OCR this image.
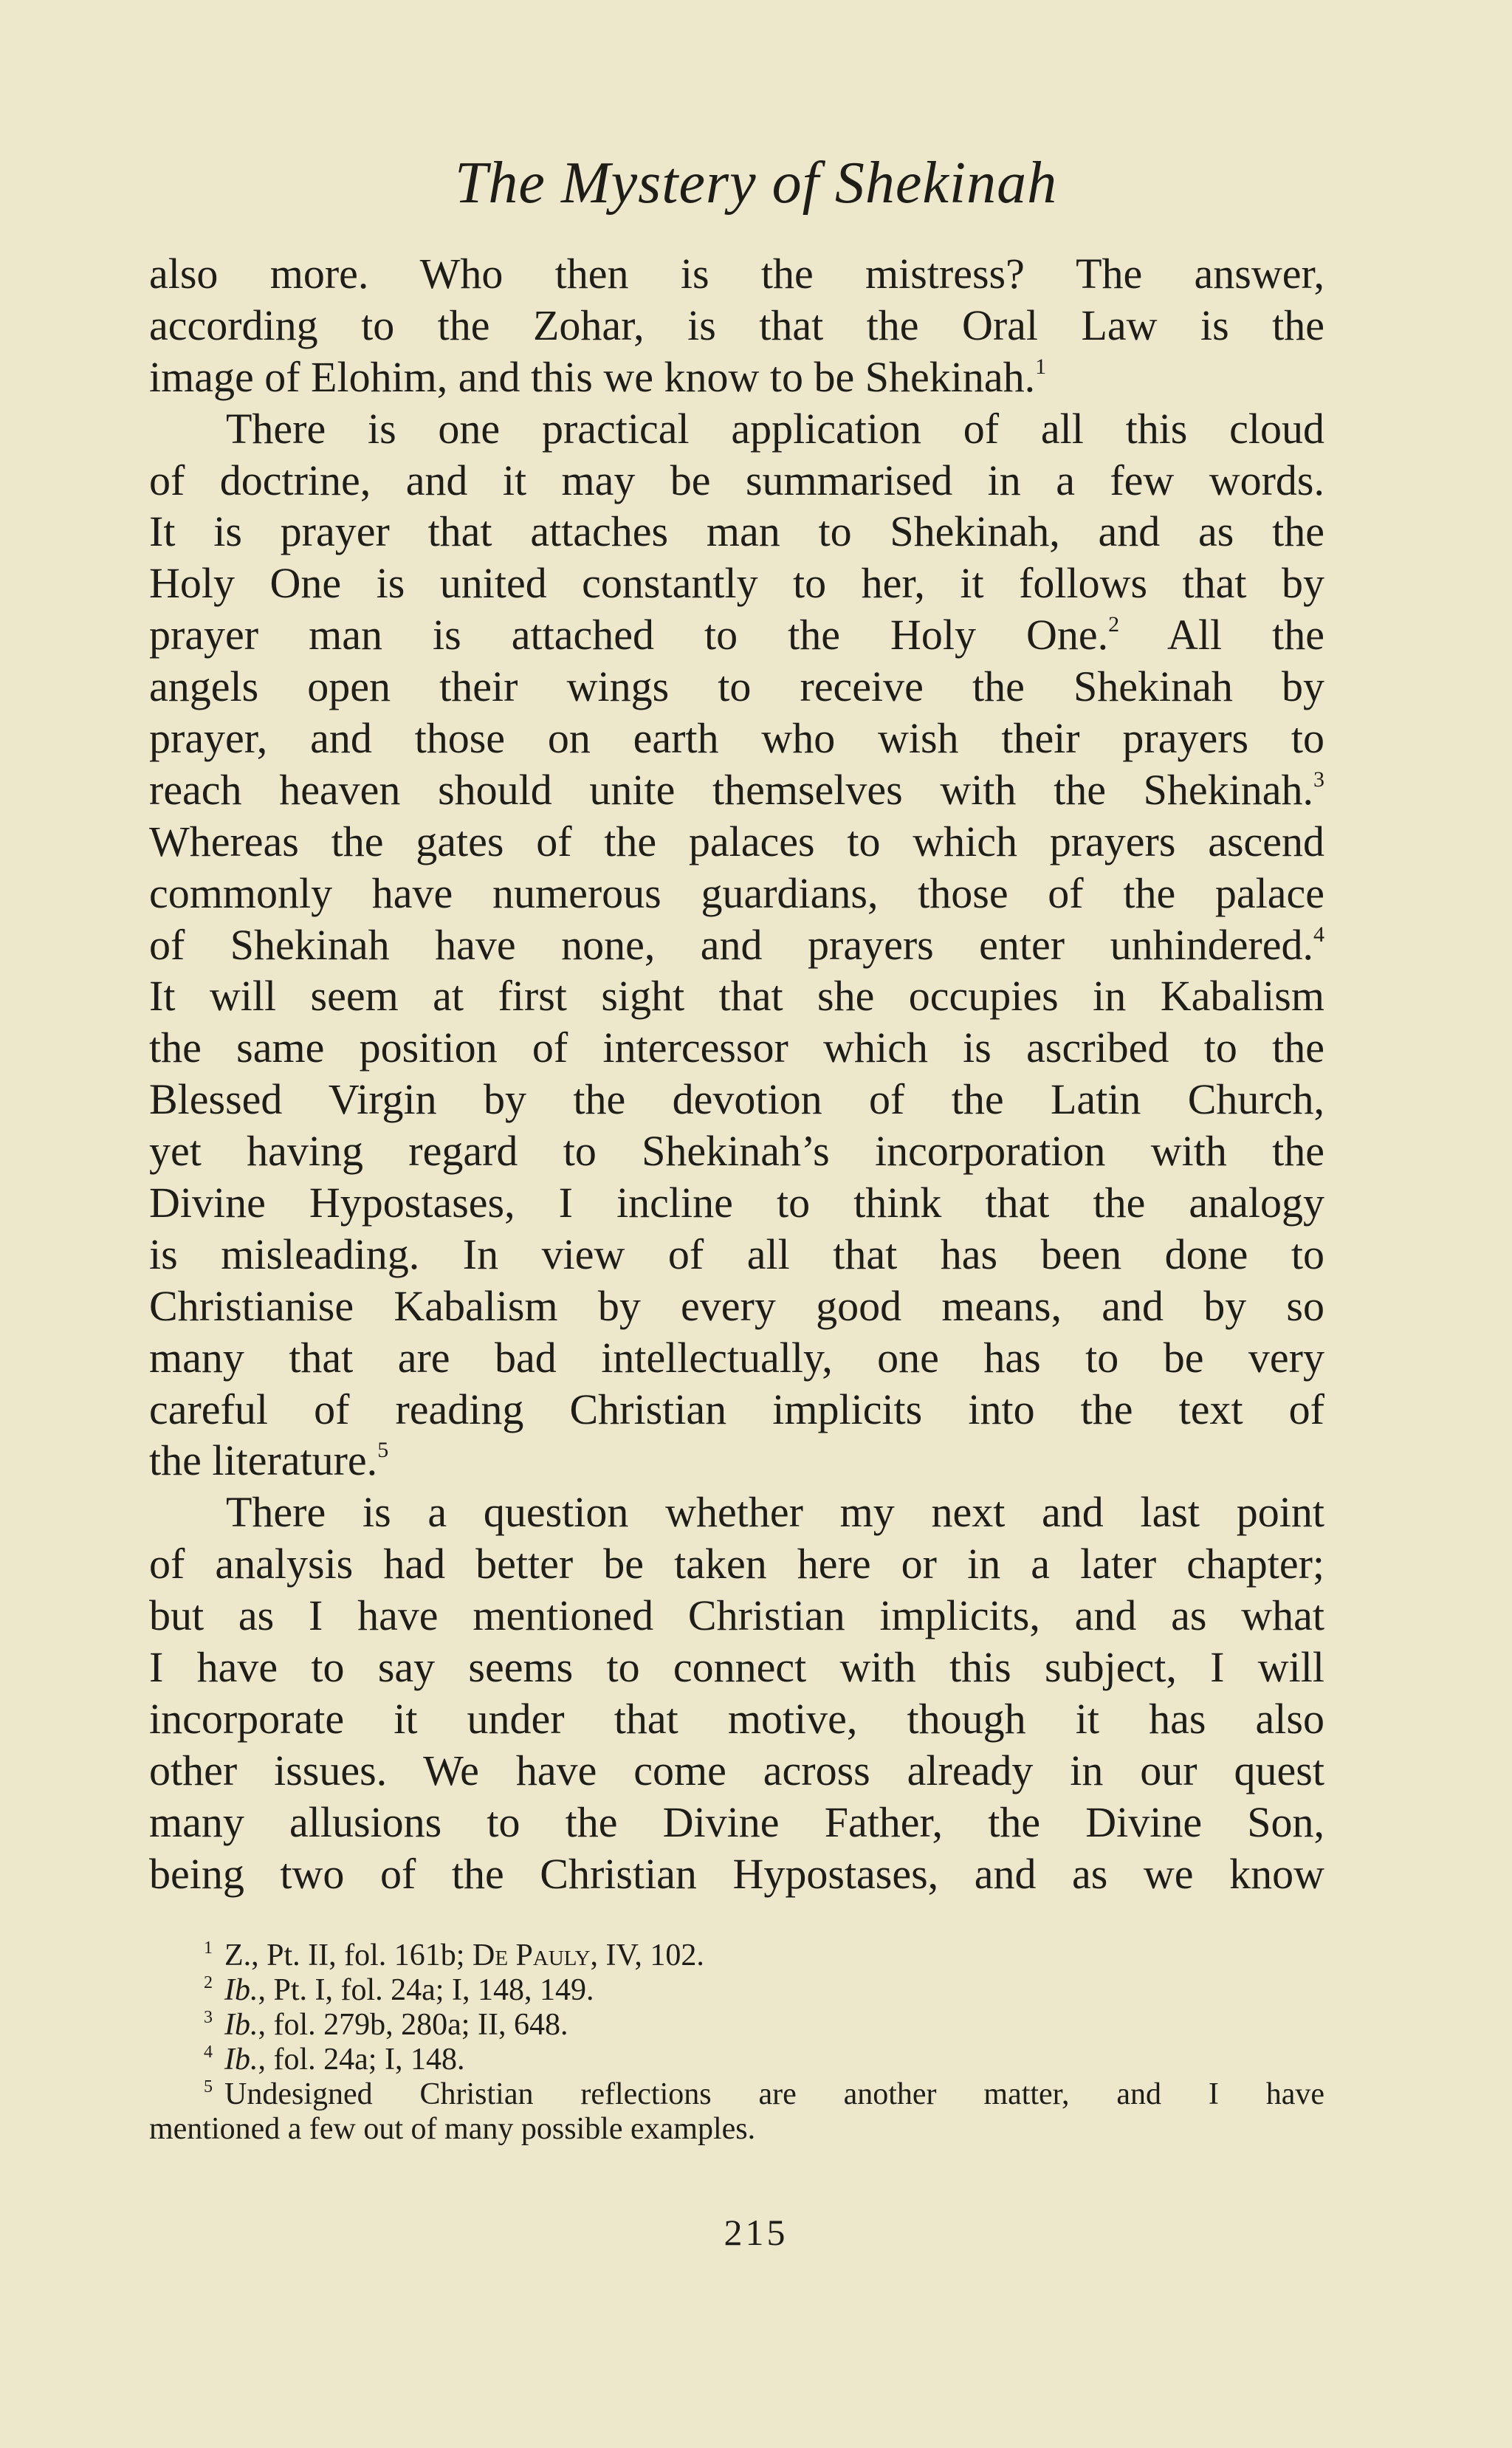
The Mystery of Shekinah
also more. Who then is the mistress? The answer,
according to the Zohar, is that the Oral Law is the
image of Elohim, and this we know to be Shekinah.$^1$
There is one practical application of all this cloud
of doctrine, and it may be summarised in a few words.
It is prayer that attaches man to Shekinah, and as the
Holy One is united constantly to her, it follows that by
prayer man is attached to the Holy One.$^2$ All the
angels open their wings to receive the Shekinah by
prayer, and those on earth who wish their prayers to
reach heaven should unite themselves with the Shekinah.$^3$
Whereas the gates of the palaces to which prayers ascend
commonly have numerous guardians, those of the palace
of Shekinah have none, and prayers enter unhindered.$^4$
It will seem at first sight that she occupies in Kabalism
the same position of intercessor which is ascribed to the
Blessed Virgin by the devotion of the Latin Church,
yet having regard to Shekinah’s incorporation with the
Divine Hypostases, I incline to think that the analogy
is misleading. In view of all that has been done to
Christianise Kabalism by every good means, and by so
many that are bad intellectually, one has to be very
careful of reading Christian implicits into the text of
the literature.$^5$
There is a question whether my next and last point
of analysis had better be taken here or in a later chapter;
but as I have mentioned Christian implicits, and as what
I have to say seems to connect with this subject, I will
incorporate it under that motive, though it has also
other issues. We have come across already in our quest
many allusions to the Divine Father, the Divine Son,
being two of the Christian Hypostases, and as we know
$^1$ Z., Pt. II, fol. 161b; De Pauly, IV, 102.
$^2$ Ib., Pt. I, fol. 24a; I, 148, 149.
$^3$ Ib., fol. 279b, 280a; II, 648.
$^4$ Ib., fol. 24a; I, 148.
$^5$ Undesigned Christian reflections are another matter, and I have
mentioned a few out of many possible examples.
215
